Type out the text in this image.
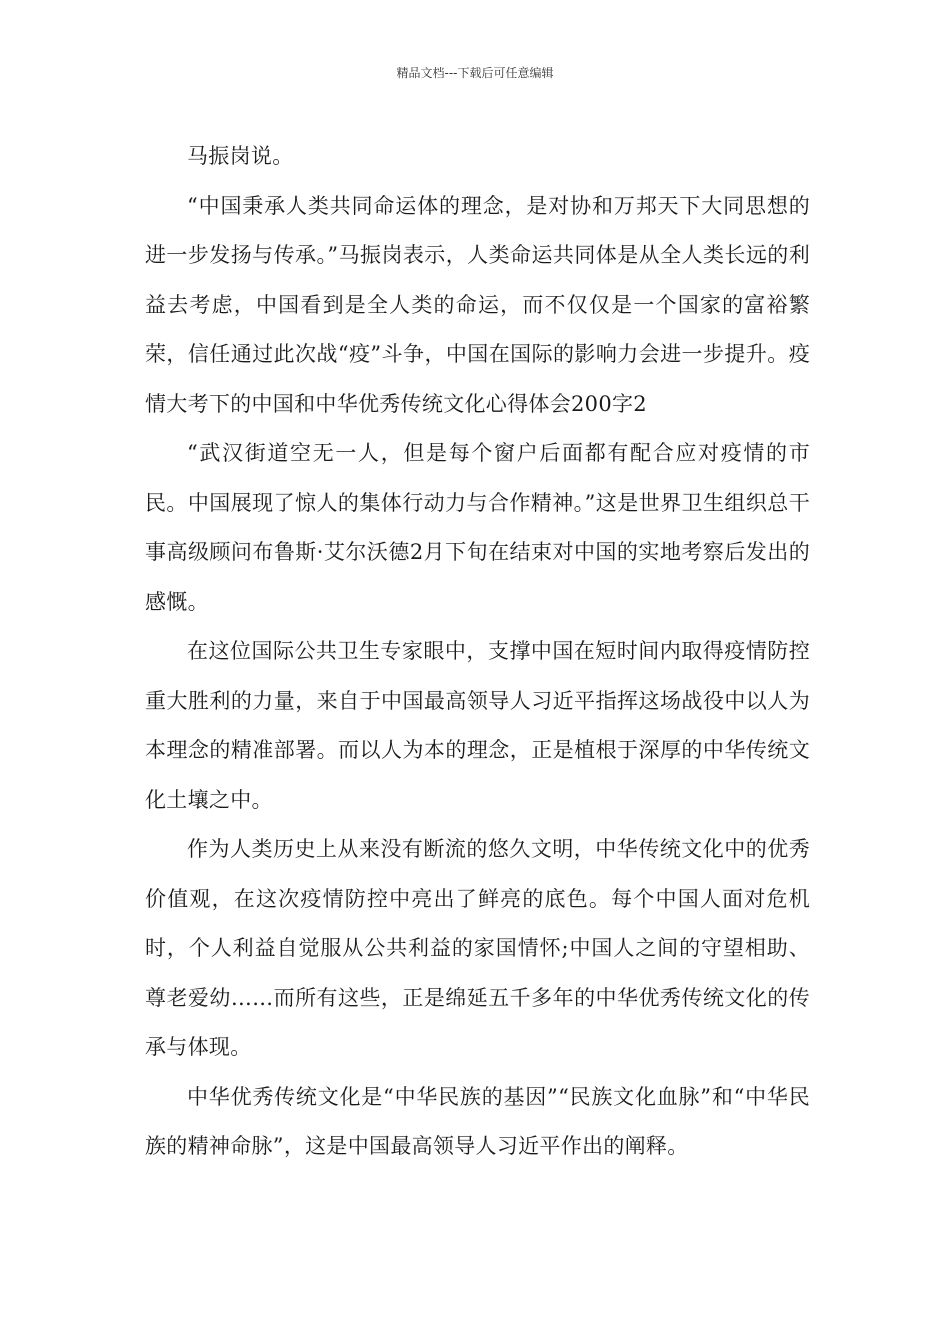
精品文档---下载后可任意编辑

马振岗说。

“中国秉承人类共同命运体的理念，是对协和万邦天下大同思想的进一步发扬与传承。”马振岗表示，人类命运共同体是从全人类长远的利益去考虑，中国看到是全人类的命运，而不仅仅是一个国家的富裕繁荣，信任通过此次战“疫”斗争，中国在国际的影响力会进一步提升。疫情大考下的中国和中华优秀传统文化心得体会200字2

“武汉街道空无一人，但是每个窗户后面都有配合应对疫情的市民。中国展现了惊人的集体行动力与合作精神。”这是世界卫生组织总干事高级顾问布鲁斯·艾尔沃德2月下旬在结束对中国的实地考察后发出的感慨。

在这位国际公共卫生专家眼中，支撑中国在短时间内取得疫情防控重大胜利的力量，来自于中国最高领导人习近平指挥这场战役中以人为本理念的精准部署。而以人为本的理念，正是植根于深厚的中华传统文化土壤之中。

作为人类历史上从来没有断流的悠久文明，中华传统文化中的优秀价值观，在这次疫情防控中亮出了鲜亮的底色。每个中国人面对危机时，个人利益自觉服从公共利益的家国情怀;中国人之间的守望相助、尊老爱幼……而所有这些，正是绵延五千多年的中华优秀传统文化的传承与体现。

中华优秀传统文化是“中华民族的基因”“民族文化血脉”和“中华民族的精神命脉”，这是中国最高领导人习近平作出的阐释。
